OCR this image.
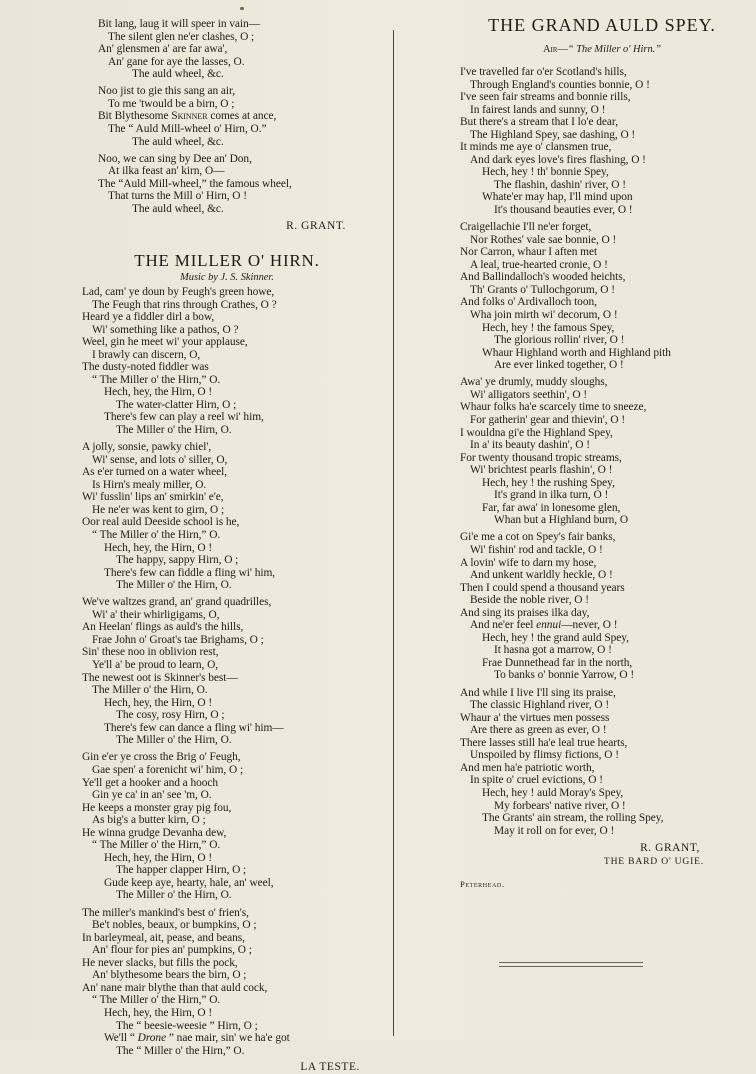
Bit lang, laug it will speer in vain—
The silent glen ne'er clashes, O ;
An' glensmen a' are far awa',
An' gane for aye the lasses, O.
The auld wheel, &c.
Noo jist to gie this sang an air,
To me 'twould be a birn, O ;
Bit Blythesome Skinner comes at ance,
The “ Auld Mill-wheel o' Hirn, O.”
The auld wheel, &c.
Noo, we can sing by Dee an' Don,
At ilka feast an' kirn, O—
The “Auld Mill-wheel,” the famous wheel,
That turns the Mill o' Hirn, O !
The auld wheel, &c.
R. GRANT.
THE MILLER O' HIRN.
Music by J. S. Skinner.
Lad, cam' ye doun by Feugh's green howe,
The Feugh that rins through Crathes, O ?
Heard ye a fiddler dirl a bow,
Wi' something like a pathos, O ?
Weel, gin he meet wi' your applause,
I brawly can discern, O,
The dusty-noted fiddler was
“ The Miller o' the Hirn,” O.
Hech, hey, the Hirn, O !
The water-clatter Hirn, O ;
There's few can play a reel wi' him,
The Miller o' the Hirn, O.
A jolly, sonsie, pawky chiel',
Wi' sense, and lots o' siller, O,
As e'er turned on a water wheel,
Is Hirn's mealy miller, O.
Wi' fusslin' lips an' smirkin' e'e,
He ne'er was kent to girn, O ;
Oor real auld Deeside school is he,
“ The Miller o' the Hirn,” O.
Hech, hey, the Hirn, O !
The happy, sappy Hirn, O ;
There's few can fiddle a fling wi' him,
The Miller o' the Hirn, O.
We've waltzes grand, an' grand quadrilles,
Wi' a' their whirligigams, O,
An Heelan' flings as auld's the hills,
Frae John o' Groat's tae Brighams, O ;
Sin' these noo in oblivion rest,
Ye'll a' be proud to learn, O,
The newest oot is Skinner's best—
The Miller o' the Hirn, O.
Hech, hey, the Hirn, O !
The cosy, rosy Hirn, O ;
There's few can dance a fling wi' him—
The Miller o' the Hirn, O.
Gin e'er ye cross the Brig o' Feugh,
Gae spen' a forenicht wi' him, O ;
Ye'll get a hooker and a hooch
Gin ye ca' in an' see 'm, O.
He keeps a monster gray pig fou,
As big's a butter kirn, O ;
He winna grudge Devanha dew,
“ The Miller o' the Hirn,” O.
Hech, hey, the Hirn, O !
The happer clapper Hirn, O ;
Gude keep aye, hearty, hale, an' weel,
The Miller o' the Hirn, O.
The miller's mankind's best o' frien's,
Be't nobles, beaux, or bumpkins, O ;
In barleymeal, ait, pease, and beans,
An' flour for pies an' pumpkins, O ;
He never slacks, but fills the pock,
An' blythesome bears the birn, O ;
An' nane mair blythe than that auld cock,
“ The Miller o' the Hirn,” O.
Hech, hey, the Hirn, O !
The “ beesie-weesie ” Hirn, O ;
We'll “ Drone ” nae mair, sin' we ha'e got
The “ Miller o' the Hirn,” O.
LA TESTE.
THE GRAND AULD SPEY.
Air—“ The Miller o' Hirn.”
I've travelled far o'er Scotland's hills,
Through England's counties bonnie, O !
I've seen fair streams and bonnie rills,
In fairest lands and sunny, O !
But there's a stream that I lo'e dear,
The Highland Spey, sae dashing, O !
It minds me aye o' clansmen true,
And dark eyes love's fires flashing, O !
Hech, hey ! th' bonnie Spey,
The flashin, dashin' river, O !
Whate'er may hap, I'll mind upon
It's thousand beauties ever, O !
Craigellachie I'll ne'er forget,
Nor Rothes' vale sae bonnie, O !
Nor Carron, whaur I aften met
A leal, true-hearted cronie, O !
And Ballindalloch's wooded heichts,
Th' Grants o' Tullochgorum, O !
And folks o' Ardivalloch toon,
Wha join mirth wi' decorum, O !
Hech, hey ! the famous Spey,
The glorious rollin' river, O !
Whaur Highland worth and Highland pith
Are ever linked together, O !
Awa' ye drumly, muddy sloughs,
Wi' alligators seethin', O !
Whaur folks ha'e scarcely time to sneeze,
For gatherin' gear and thievin', O !
I wouldna gi'e the Highland Spey,
In a' its beauty dashin', O !
For twenty thousand tropic streams,
Wi' brichtest pearls flashin', O !
Hech, hey ! the rushing Spey,
It's grand in ilka turn, O !
Far, far awa' in lonesome glen,
Whan but a Highland burn, O
Gi'e me a cot on Spey's fair banks,
Wi' fishin' rod and tackle, O !
A lovin' wife to darn my hose,
And unkent warldly heckle, O !
Then I could spend a thousand years
Beside the noble river, O !
And sing its praises ilka day,
And ne'er feel ennui—never, O !
Hech, hey ! the grand auld Spey,
It hasna got a marrow, O !
Frae Dunnethead far in the north,
To banks o' bonnie Yarrow, O !
And while I live I'll sing its praise,
The classic Highland river, O !
Whaur a' the virtues men possess
Are there as green as ever, O !
There lasses still ha'e leal true hearts,
Unspoiled by flimsy fictions, O !
And men ha'e patriotic worth,
In spite o' cruel evictions, O !
Hech, hey ! auld Moray's Spey,
My forbears' native river, O !
The Grants' ain stream, the rolling Spey,
May it roll on for ever, O !
R. GRANT,
THE BARD O' UGIE.
Peterhead.
